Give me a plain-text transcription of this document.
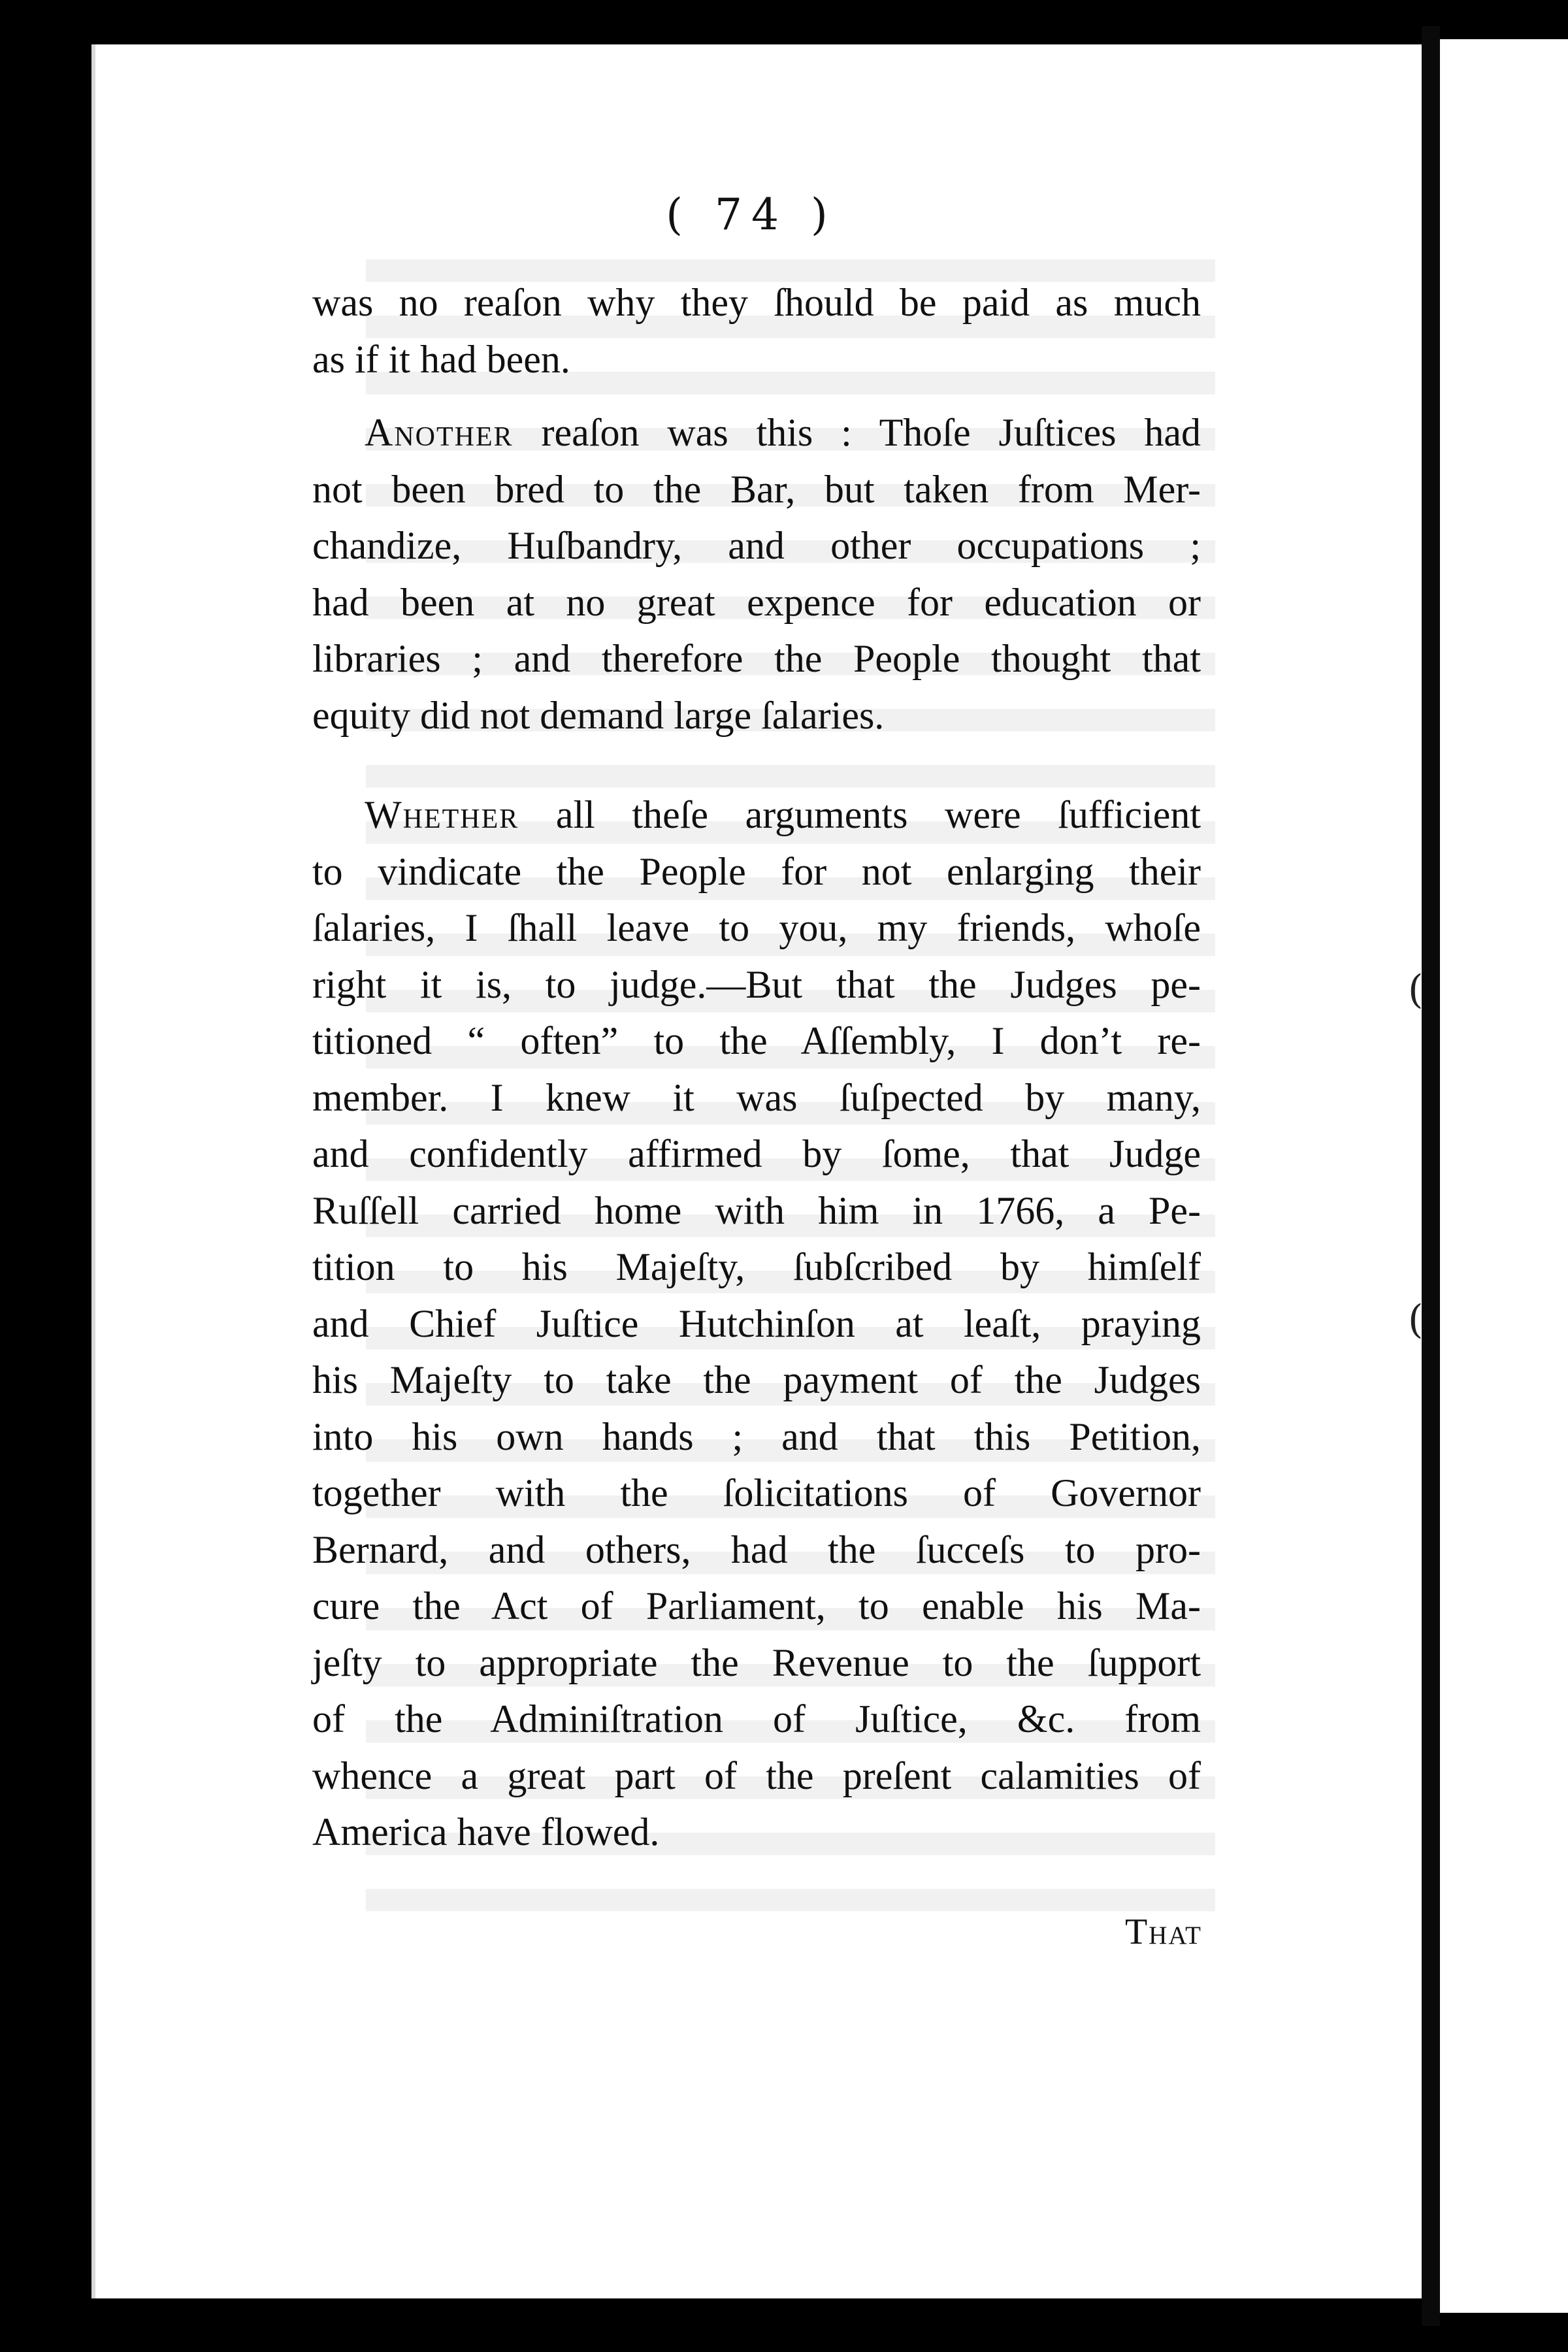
( 74 )
was no reaſon why they ſhould be paid as much
as if it had been.
Another reaſon was this : Thoſe Juſtices had
not been bred to the Bar, but taken from Mer-
chandize, Huſbandry, and other occupations ;
had been at no great expence for education or
libraries ; and therefore the People thought that
equity did not demand large ſalaries.
Whether all theſe arguments were ſufficient
to vindicate the People for not enlarging their
ſalaries, I ſhall leave to you, my friends, whoſe
right it is, to judge.—But that the Judges pe-
titioned “ often” to the Aſſembly, I don’t re-
member. I knew it was ſuſpected by many,
and confidently affirmed by ſome, that Judge
Ruſſell carried home with him in 1766, a Pe-
tition to his Majeſty, ſubſcribed by himſelf
and Chief Juſtice Hutchinſon at leaſt, praying
his Majeſty to take the payment of the Judges
into his own hands ; and that this Petition,
together with the ſolicitations of Governor
Bernard, and others, had the ſucceſs to pro-
cure the Act of Parliament, to enable his Ma-
jeſty to appropriate the Revenue to the ſupport
of the Adminiſtration of Juſtice, &c. from
whence a great part of the preſent calamities of
America have flowed.
That
(
(
